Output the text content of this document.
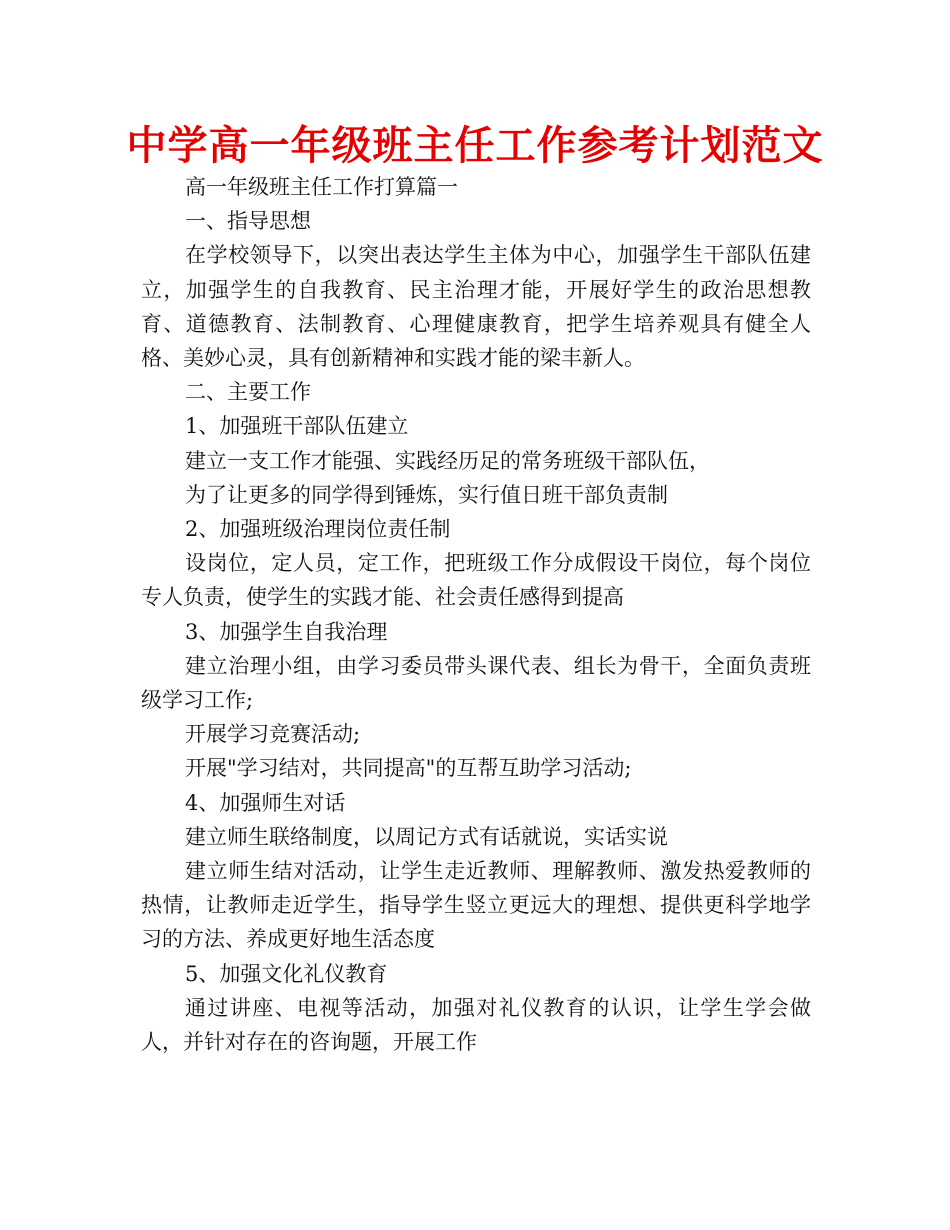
中学高一年级班主任工作参考计划范文

高一年级班主任工作打算篇一

一、指导思想

在学校领导下，以突出表达学生主体为中心，加强学生干部队伍建立，加强学生的自我教育、民主治理才能，开展好学生的政治思想教育、道德教育、法制教育、心理健康教育，把学生培养观具有健全人格、美妙心灵，具有创新精神和实践才能的梁丰新人。

二、主要工作

1、加强班干部队伍建立

建立一支工作才能强、实践经历足的常务班级干部队伍，

为了让更多的同学得到锤炼，实行值日班干部负责制

2、加强班级治理岗位责任制

设岗位，定人员，定工作，把班级工作分成假设干岗位，每个岗位专人负责，使学生的实践才能、社会责任感得到提高

3、加强学生自我治理

建立治理小组，由学习委员带头课代表、组长为骨干，全面负责班级学习工作;

开展学习竞赛活动;

开展"学习结对，共同提高"的互帮互助学习活动;

4、加强师生对话

建立师生联络制度，以周记方式有话就说，实话实说

建立师生结对活动，让学生走近教师、理解教师、激发热爱教师的热情，让教师走近学生，指导学生竖立更远大的理想、提供更科学地学习的方法、养成更好地生活态度

5、加强文化礼仪教育

通过讲座、电视等活动，加强对礼仪教育的认识，让学生学会做人，并针对存在的咨询题，开展工作
